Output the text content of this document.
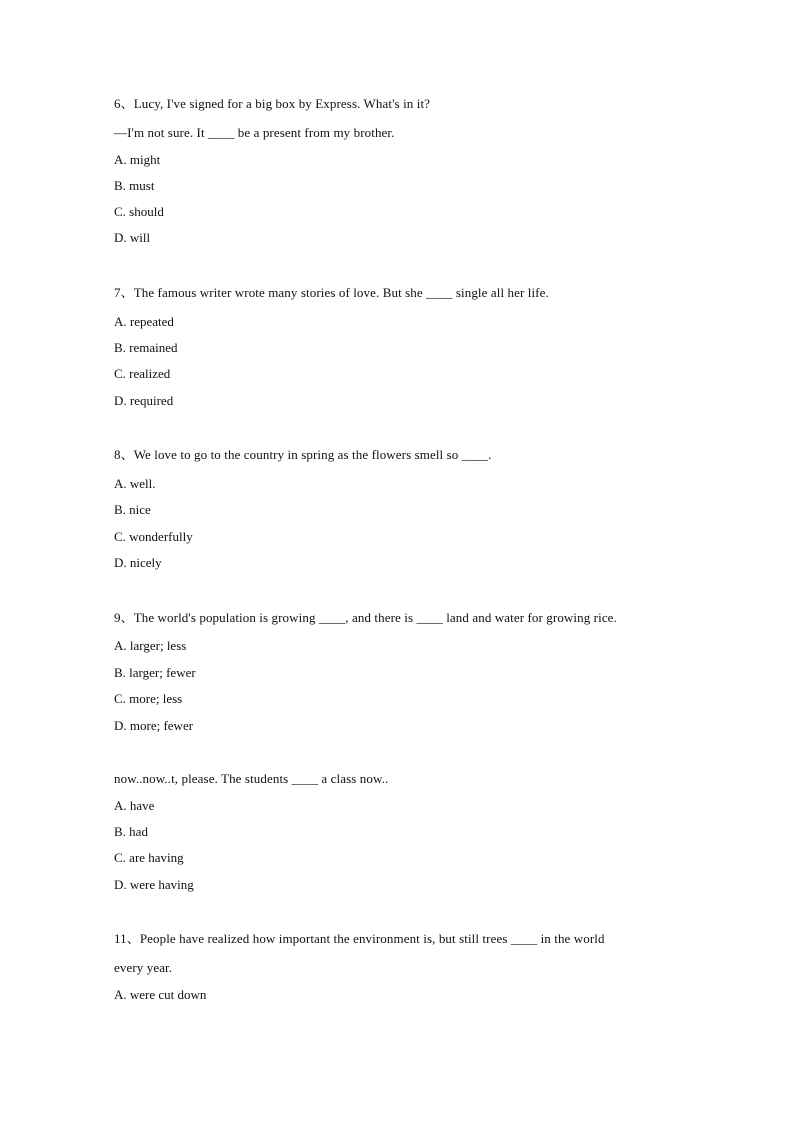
6、Lucy, I've signed for a big box by Express. What's in it?
—I'm not sure. It ____ be a present from my brother.
A. might
B. must
C. should
D. will
7、The famous writer wrote many stories of love. But she ____ single all her life.
A. repeated
B. remained
C. realized
D. required
8、We love to go to the country in spring as the flowers smell so ____.
A. well.
B. nice
C. wonderfully
D. nicely
9、The world's population is growing ____, and there is ____ land and water for growing rice.
A. larger; less
B. larger; fewer
C. more; less
D. more; fewer
now..now..t, please. The students ____ a class now..
A. have
B. had
C. are having
D. were having
11、People have realized how important the environment is, but still trees ____ in the world
every year.
A. were cut down
